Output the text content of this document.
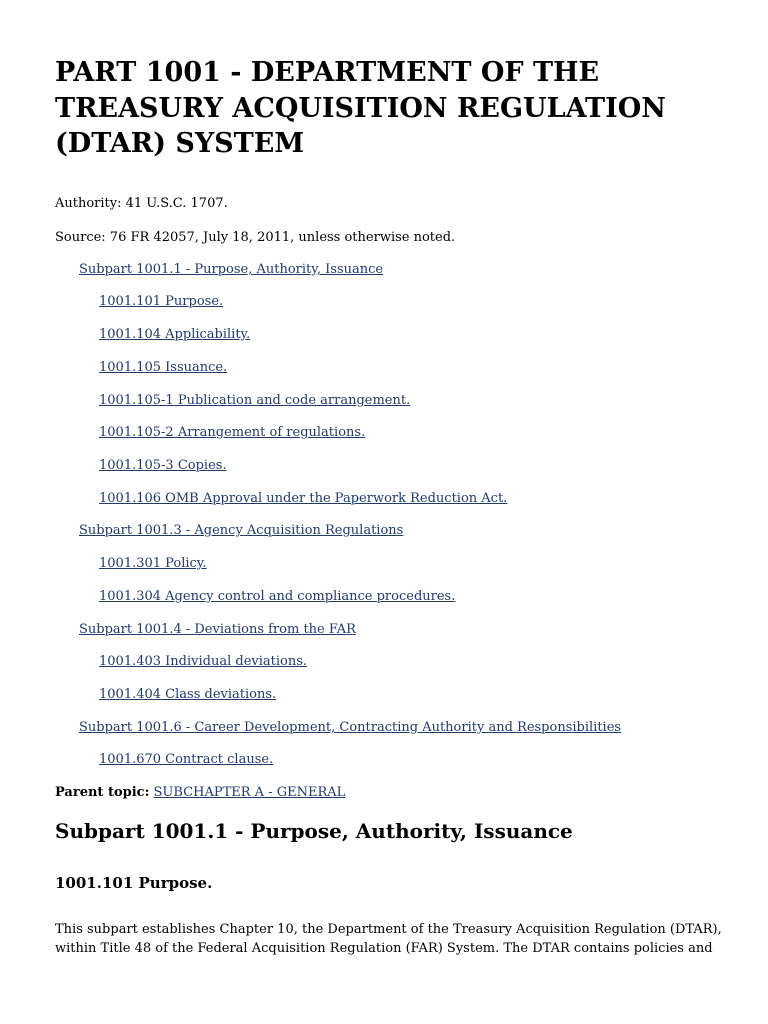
PART 1001 - DEPARTMENT OF THE TREASURY ACQUISITION REGULATION (DTAR) SYSTEM

Authority: 41 U.S.C. 1707.

Source: 76 FR 42057, July 18, 2011, unless otherwise noted.

Subpart 1001.1 - Purpose, Authority, Issuance
1001.101 Purpose.
1001.104 Applicability.
1001.105 Issuance.
1001.105-1 Publication and code arrangement.
1001.105-2 Arrangement of regulations.
1001.105-3 Copies.
1001.106 OMB Approval under the Paperwork Reduction Act.
Subpart 1001.3 - Agency Acquisition Regulations
1001.301 Policy.
1001.304 Agency control and compliance procedures.
Subpart 1001.4 - Deviations from the FAR
1001.403 Individual deviations.
1001.404 Class deviations.
Subpart 1001.6 - Career Development, Contracting Authority and Responsibilities
1001.670 Contract clause.
Parent topic: SUBCHAPTER A - GENERAL
Subpart 1001.1 - Purpose, Authority, Issuance
1001.101 Purpose.

This subpart establishes Chapter 10, the Department of the Treasury Acquisition Regulation (DTAR), within Title 48 of the Federal Acquisition Regulation (FAR) System. The DTAR contains policies and
